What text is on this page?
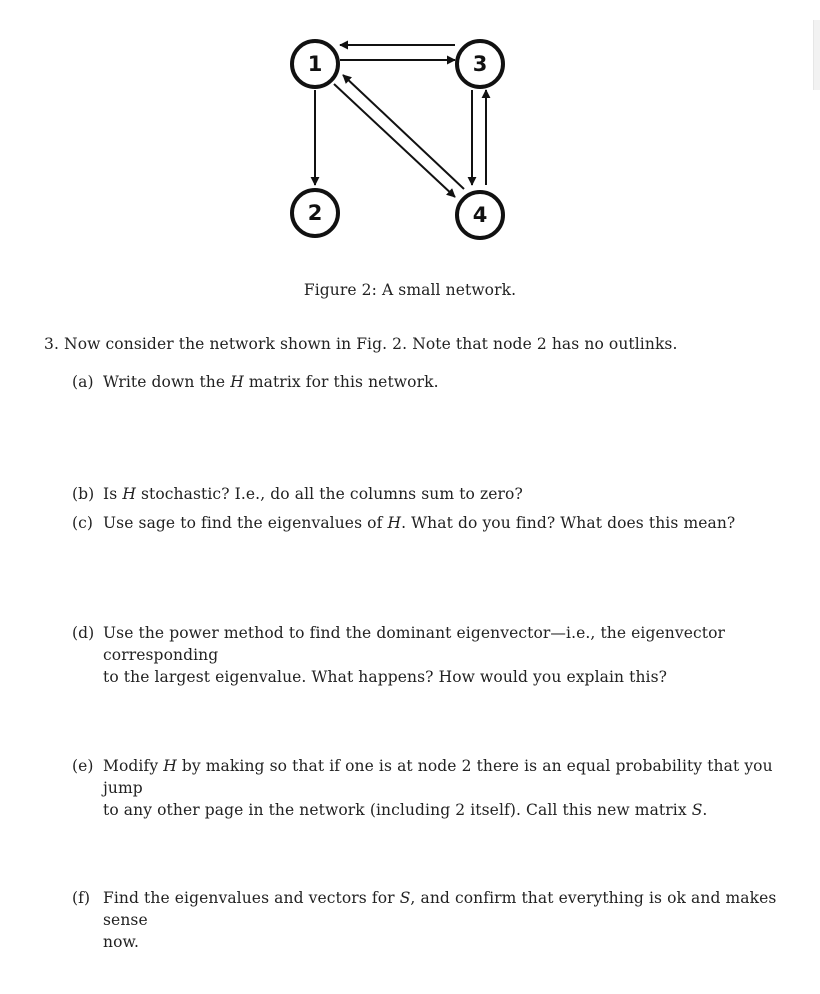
1	3
2	4
Figure 2: A small network.
3. Now consider the network shown in Fig. 2. Note that node 2 has no outlinks.
(a) Write down the H matrix for this network.
(b) Is H stochastic? I.e., do all the columns sum to zero?
(c) Use sage to find the eigenvalues of H. What do you find? What does this mean?
(d) Use the power method to find the dominant eigenvector—i.e., the eigenvector corresponding
to the largest eigenvalue. What happens? How would you explain this?
(e) Modify H by making so that if one is at node 2 there is an equal probability that you jump
to any other page in the network (including 2 itself). Call this new matrix S.
(f) Find the eigenvalues and vectors for S, and confirm that everything is ok and makes sense
now.
